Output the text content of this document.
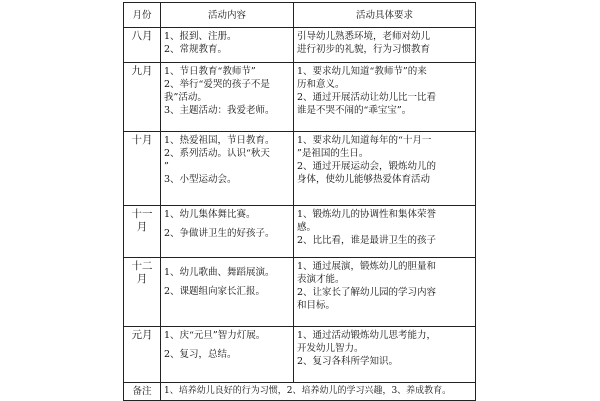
月份	活动内容	活动具体要求
八月	1、报到、注册。
2、常规教育。	引导幼儿熟悉环境，老师对幼儿
进行初步的礼貌，行为习惯教育

九月	1、节日教育“教师节”
2、举行“爱哭的孩子不是
我”活动。
3、主题活动：我爱老师。	1、要求幼儿知道“教师节”的来
历和意义。
2、通过开展活动让幼儿比一比看
谁是不哭不闹的“乖宝宝”。

十月	1、热爱祖国，节日教育。
2、系列活动。认识“秋天
”
3、小型运动会。	1、要求幼儿知道每年的“十月一
”是祖国的生日。
2、通过开展运动会，锻炼幼儿的
身体，使幼儿能够热爱体育活动

十一月	1、幼儿集体舞比赛。
2、争做讲卫生的好孩子。	1、锻炼幼儿的协调性和集体荣誉
感。
2、比比看，谁是最讲卫生的孩子

十二月	1、幼儿歌曲、舞蹈展演。
2、课题组向家长汇报。	1、通过展演，锻炼幼儿的胆量和
表演才能。
2、让家长了解幼儿园的学习内容
和目标。

元月	1、庆“元旦”智力灯展。
2、复习，总结。	1、通过活动锻炼幼儿思考能力，
开发幼儿智力。
2、复习各科所学知识。

备注	1、培养幼儿良好的行为习惯，2、培养幼儿的学习兴趣，3、养成教育。	
